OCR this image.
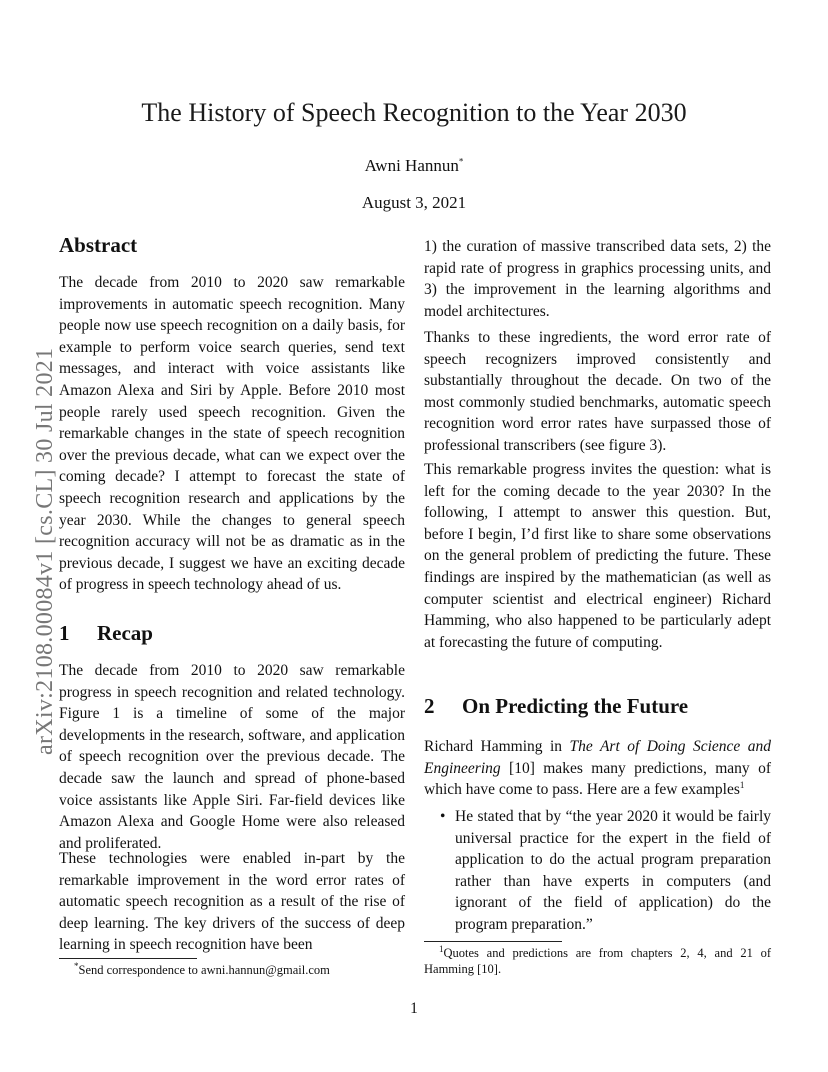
arXiv:2108.00084v1 [cs.CL] 30 Jul 2021
The History of Speech Recognition to the Year 2030
Awni Hannun*
August 3, 2021
Abstract

The decade from 2010 to 2020 saw remarkable improvements in automatic speech recognition. Many people now use speech recognition on a daily basis, for example to perform voice search queries, send text messages, and interact with voice assistants like Amazon Alexa and Siri by Apple. Before 2010 most people rarely used speech recognition. Given the remarkable changes in the state of speech recognition over the previous decade, what can we expect over the coming decade? I attempt to forecast the state of speech recognition research and applications by the year 2030. While the changes to general speech recognition accuracy will not be as dramatic as in the previous decade, I suggest we have an exciting decade of progress in speech technology ahead of us.

1 Recap

The decade from 2010 to 2020 saw remarkable progress in speech recognition and related technology. Figure 1 is a timeline of some of the major developments in the research, software, and application of speech recognition over the previous decade. The decade saw the launch and spread of phone-based voice assistants like Apple Siri. Far-field devices like Amazon Alexa and Google Home were also released and proliferated.

These technologies were enabled in-part by the remarkable improvement in the word error rates of automatic speech recognition as a result of the rise of deep learning. The key drivers of the success of deep learning in speech recognition have been

*Send correspondence to awni.hannun@gmail.com

1) the curation of massive transcribed data sets, 2) the rapid rate of progress in graphics processing units, and 3) the improvement in the learning algorithms and model architectures.

Thanks to these ingredients, the word error rate of speech recognizers improved consistently and substantially throughout the decade. On two of the most commonly studied benchmarks, automatic speech recognition word error rates have surpassed those of professional transcribers (see figure 3).

This remarkable progress invites the question: what is left for the coming decade to the year 2030? In the following, I attempt to answer this question. But, before I begin, I’d first like to share some observations on the general problem of predicting the future. These findings are inspired by the mathematician (as well as computer scientist and electrical engineer) Richard Hamming, who also happened to be particularly adept at forecasting the future of computing.

2 On Predicting the Future

Richard Hamming in The Art of Doing Science and Engineering [10] makes many predictions, many of which have come to pass. Here are a few examples$^1$

• He stated that by “the year 2020 it would be fairly universal practice for the expert in the field of application to do the actual program preparation rather than have experts in computers (and ignorant of the field of application) do the program preparation.”
$^1$Quotes and predictions are from chapters 2, 4, and 21 of Hamming [10].
1
